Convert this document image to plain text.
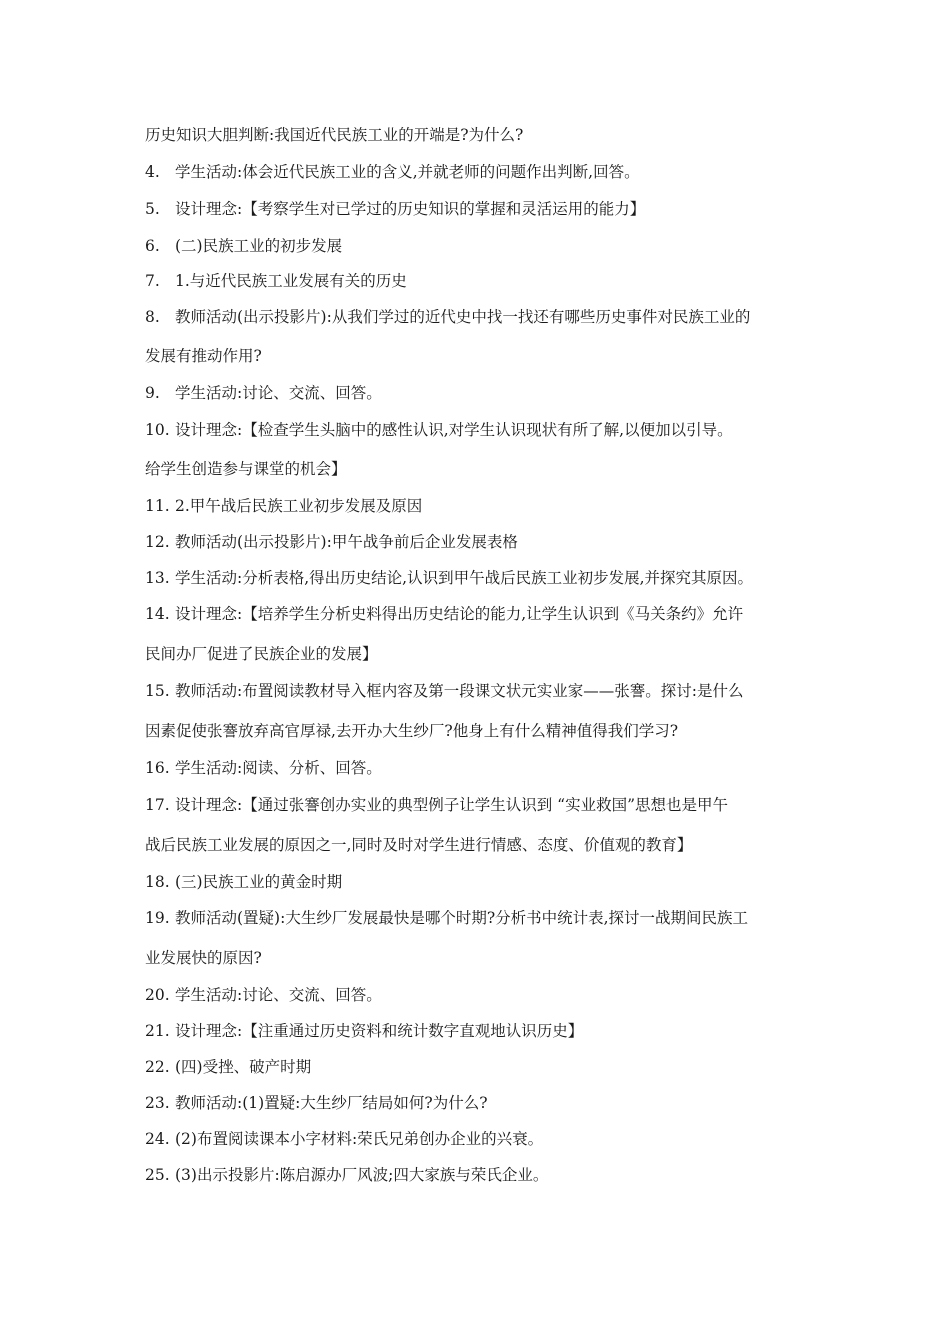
历史知识大胆判断:我国近代民族工业的开端是?为什么?
4. 学生活动:体会近代民族工业的含义,并就老师的问题作出判断,回答。
5. 设计理念:【考察学生对已学过的历史知识的掌握和灵活运用的能力】
6. (二)民族工业的初步发展
7. 1.与近代民族工业发展有关的历史
8. 教师活动(出示投影片):从我们学过的近代史中找一找还有哪些历史事件对民族工业的
发展有推动作用?
9. 学生活动:讨论、交流、回答。
10. 设计理念:【检查学生头脑中的感性认识,对学生认识现状有所了解,以便加以引导。
给学生创造参与课堂的机会】
11. 2.甲午战后民族工业初步发展及原因
12. 教师活动(出示投影片):甲午战争前后企业发展表格
13. 学生活动:分析表格,得出历史结论,认识到甲午战后民族工业初步发展,并探究其原因。
14. 设计理念:【培养学生分析史料得出历史结论的能力,让学生认识到《马关条约》允许
民间办厂促进了民族企业的发展】
15. 教师活动:布置阅读教材导入框内容及第一段课文状元实业家——张謇。探讨:是什么
因素促使张謇放弃高官厚禄,去开办大生纱厂?他身上有什么精神值得我们学习?
16. 学生活动:阅读、分析、回答。
17. 设计理念:【通过张謇创办实业的典型例子让学生认识到 “实业救国”思想也是甲午
战后民族工业发展的原因之一,同时及时对学生进行情感、态度、价值观的教育】
18. (三)民族工业的黄金时期
19. 教师活动(置疑):大生纱厂发展最快是哪个时期?分析书中统计表,探讨一战期间民族工
业发展快的原因?
20. 学生活动:讨论、交流、回答。
21. 设计理念:【注重通过历史资料和统计数字直观地认识历史】
22. (四)受挫、破产时期
23. 教师活动:(1)置疑:大生纱厂结局如何?为什么?
24. (2)布置阅读课本小字材料:荣氏兄弟创办企业的兴衰。
25. (3)出示投影片:陈启源办厂风波;四大家族与荣氏企业。
